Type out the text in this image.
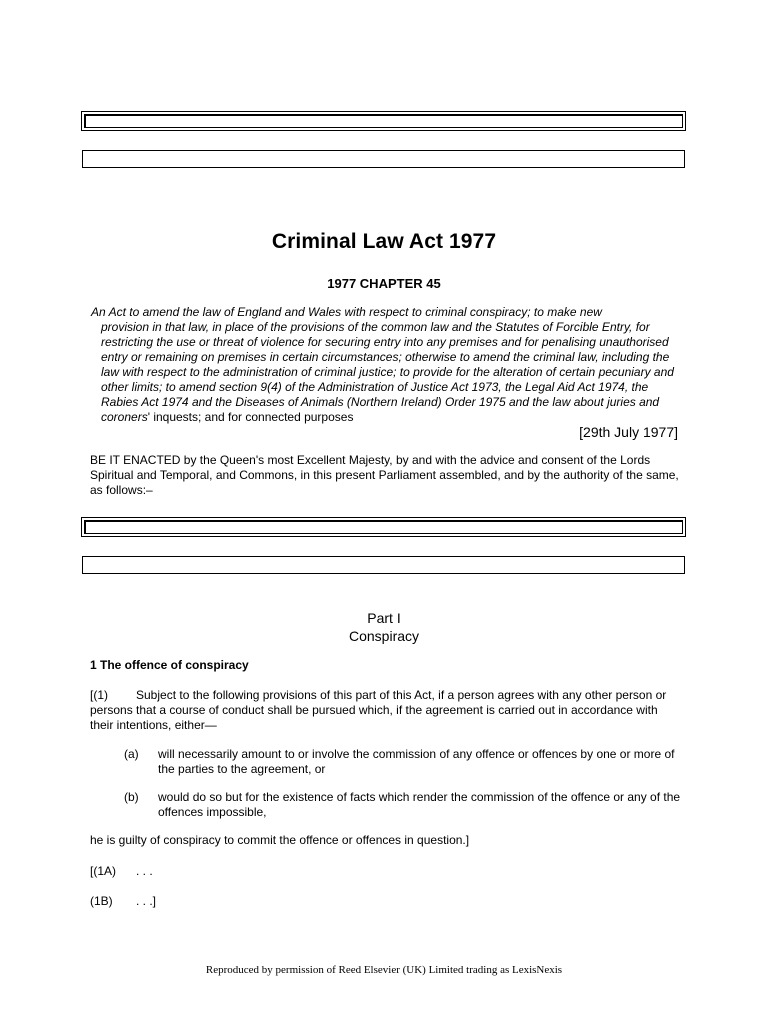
Criminal Law Act 1977
1977 CHAPTER 45
An Act to amend the law of England and Wales with respect to criminal conspiracy; to make new
provision in that law, in place of the provisions of the common law and the Statutes of Forcible Entry, for restricting the use or threat of violence for securing entry into any premises and for penalising unauthorised entry or remaining on premises in certain circumstances; otherwise to amend the criminal law, including the law with respect to the administration of criminal justice; to provide for the alteration of certain pecuniary and other limits; to amend section 9(4) of the Administration of Justice Act 1973, the Legal Aid Act 1974, the Rabies Act 1974 and the Diseases of Animals (Northern Ireland) Order 1975 and the law about juries and coroners' inquests; and for connected purposes
[29th July 1977]
BE IT ENACTED by the Queen's most Excellent Majesty, by and with the advice and consent of the Lords Spiritual and Temporal, and Commons, in this present Parliament assembled, and by the authority of the same, as follows:–
Part I
Conspiracy
1 The offence of conspiracy
[(1) Subject to the following provisions of this part of this Act, if a person agrees with any other person or persons that a course of conduct shall be pursued which, if the agreement is carried out in accordance with their intentions, either—
(a) will necessarily amount to or involve the commission of any offence or offences by one or more of the parties to the agreement, or
(b) would do so but for the existence of facts which render the commission of the offence or any of the offences impossible,
he is guilty of conspiracy to commit the offence or offences in question.]
[(1A) . . .
(1B) . . .]
Reproduced by permission of Reed Elsevier (UK) Limited trading as LexisNexis
